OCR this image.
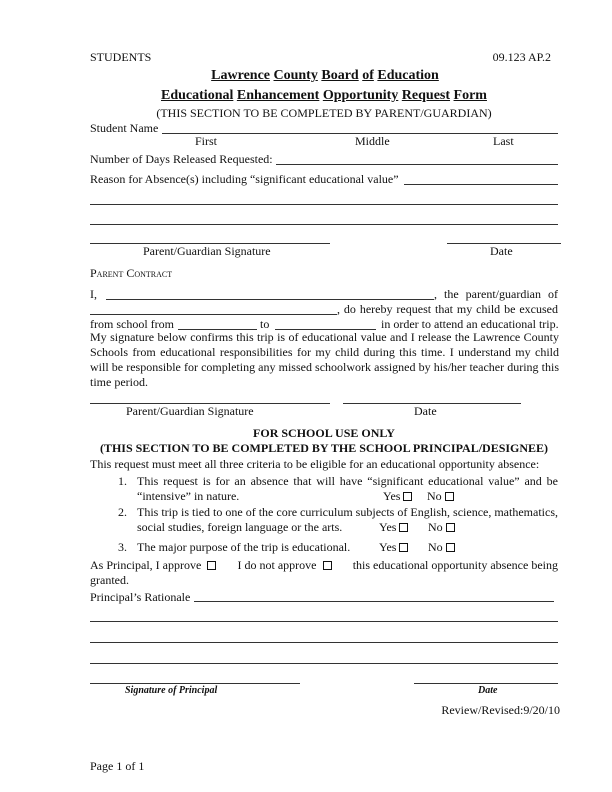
STUDENTS	09.123 AP.2
Lawrence County Board of Education
Educational Enhancement Opportunity Request Form
(THIS SECTION TO BE COMPLETED BY PARENT/GUARDIAN)
Student Name
First	Middle	Last
Number of Days Released Requested:
Reason for Absence(s) including “significant educational value”
Parent/Guardian Signature	Date
Parent Contract
I,	, the parent/guardian of
, do hereby request that my child be excused
from school from	to	in order to attend an educational trip.
My signature below confirms this trip is of educational value and I release the Lawrence County Schools from educational responsibilities for my child during this time. I understand my child will be responsible for completing any missed schoolwork assigned by his/her teacher during this time period.
Parent/Guardian Signature	Date
FOR SCHOOL USE ONLY
(THIS SECTION TO BE COMPLETED BY THE SCHOOL PRINCIPAL/DESIGNEE)
This request must meet all three criteria to be eligible for an educational opportunity absence:
1. This request is for an absence that will have “significant educational value” and be
“intensive” in nature.	Yes	No
2. This trip is tied to one of the core curriculum subjects of English, science, mathematics,
social studies, foreign language or the arts.	Yes	No
3. The major purpose of the trip is educational. Yes	No
As Principal, I approve	I do not approve	this educational opportunity absence being
granted.
Principal’s Rationale
Signature of Principal	Date
Review/Revised:9/20/10
Page 1 of 1
